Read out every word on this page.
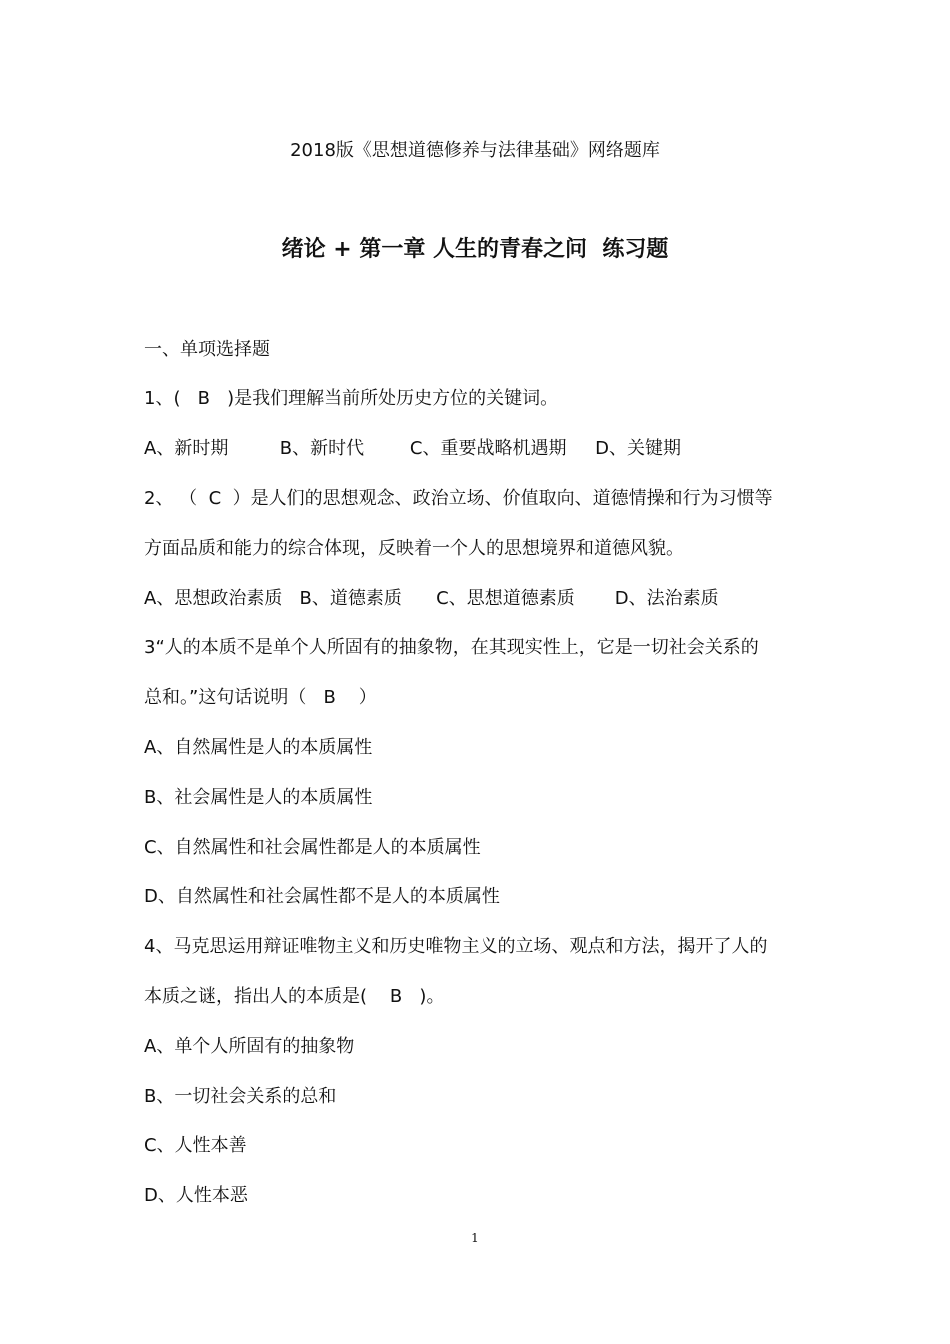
2018版《思想道德修养与法律基础》网络题库
绪论 + 第一章 人生的青春之问  练习题
一、单项选择题
1、(   B   )是我们理解当前所处历史方位的关键词。
A、新时期         B、新时代        C、重要战略机遇期     D、关键期
2、 （  C  ）是人们的思想观念、政治立场、价值取向、道德情操和行为习惯等
方面品质和能力的综合体现，反映着一个人的思想境界和道德风貌。
A、思想政治素质   B、道德素质      C、思想道德素质       D、法治素质
3“人的本质不是单个人所固有的抽象物，在其现实性上，它是一切社会关系的
总和。”这句话说明（   B    ）
A、自然属性是人的本质属性
B、社会属性是人的本质属性
C、自然属性和社会属性都是人的本质属性
D、自然属性和社会属性都不是人的本质属性
4、马克思运用辩证唯物主义和历史唯物主义的立场、观点和方法，揭开了人的
本质之谜，指出人的本质是(    B   )。
A、单个人所固有的抽象物
B、一切社会关系的总和
C、人性本善
D、人性本恶
1
